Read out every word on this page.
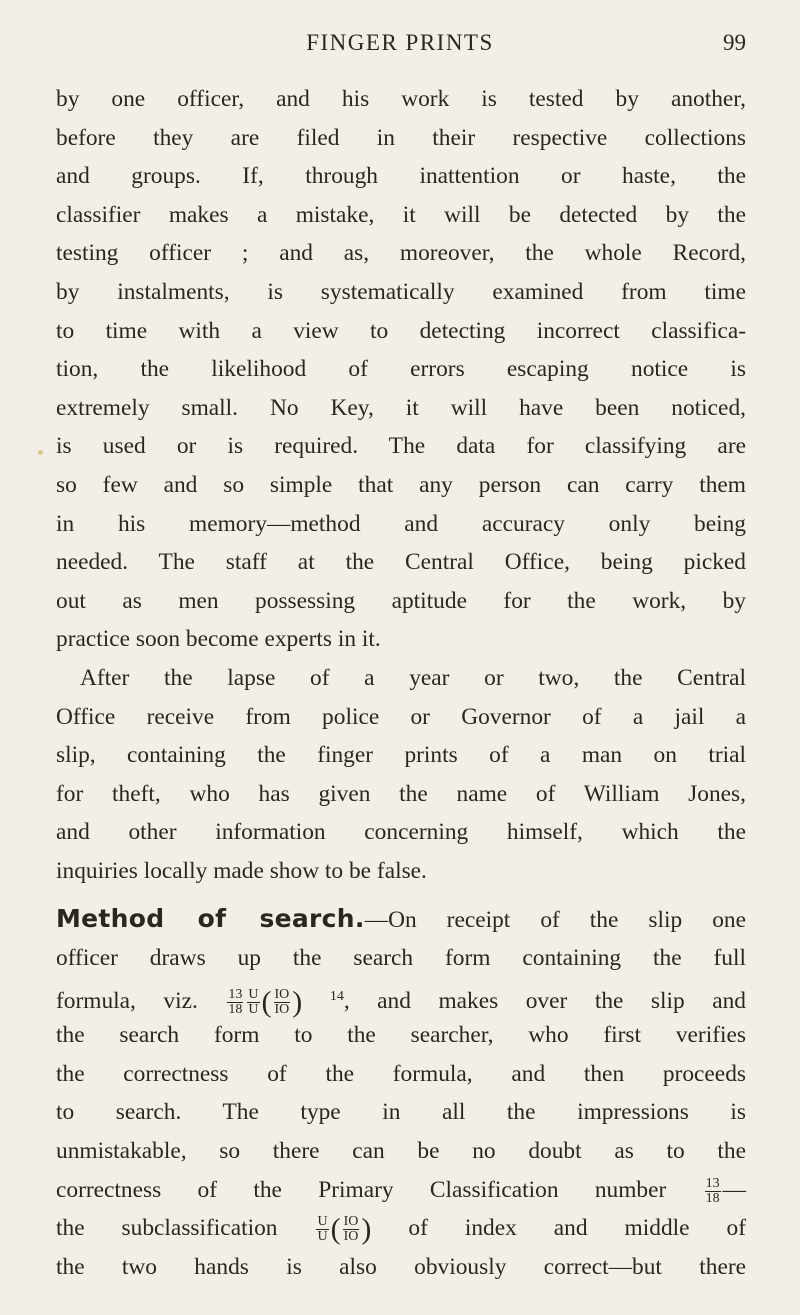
FINGER PRINTS	99
by one officer, and his work is tested by another,
before they are filed in their respective collections
and groups. If, through inattention or haste, the
classifier makes a mistake, it will be detected by the
testing officer ; and as, moreover, the whole Record,
by instalments, is systematically examined from time
to time with a view to detecting incorrect classifica-
tion, the likelihood of errors escaping notice is
extremely small. No Key, it will have been noticed,
is used or is required. The data for classifying are
so few and so simple that any person can carry them
in his memory—method and accuracy only being
needed. The staff at the Central Office, being picked
out as men possessing aptitude for the work, by
practice soon become experts in it.
After the lapse of a year or two, the Central
Office receive from police or Governor of a jail a
slip, containing the finger prints of a man on trial
for theft, who has given the name of William Jones,
and other information concerning himself, which the
inquiries locally made show to be false.
Method of search.—On receipt of the slip one
officer draws up the search form containing the full
formula, viz. $\frac{13}{18} \frac{U}{U}$ ( $\frac{IO}{IO}$ ) $^{14}$, and makes over the slip and
the search form to the searcher, who first verifies
the correctness of the formula, and then proceeds
to search. The type in all the impressions is
unmistakable, so there can be no doubt as to the
correctness of the Primary Classification number	$\frac{13}{18}$ —
the subclassification	$\frac{U}{U}$ ( $\frac{IO}{IO}$ ) of index and middle of
the two hands is also obviously correct—but there
